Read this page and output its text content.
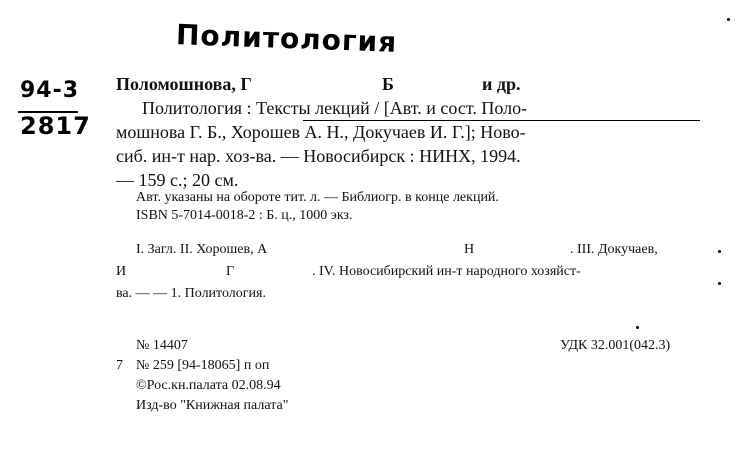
Политология
94-3
2817
Поломошнова, Г	Б	и др.
Политология : Тексты лекций / [Авт. и сост. Поло-
мошнова Г. Б., Хорошев А. Н., Докучаев И. Г.]; Ново-
сиб. ин-т нар. хоз-ва. — Новосибирск : НИНХ, 1994.
— 159 с.; 20 см.
Авт. указаны на обороте тит. л. — Библиогр. в конце лекций.
ISBN 5-7014-0018-2 : Б. ц., 1000 экз.
I. Загл. II. Хорошев, А	Н	. III. Докучаев,
И	Г	. IV. Новосибирский ин-т народного хозяйст-
ва. — — 1. Политология.
№ 14407	УДК 32.001(042.3)
7 № 259 [94-18065] п оп
©Рос.кн.палата 02.08.94
Изд-во "Книжная палата"
